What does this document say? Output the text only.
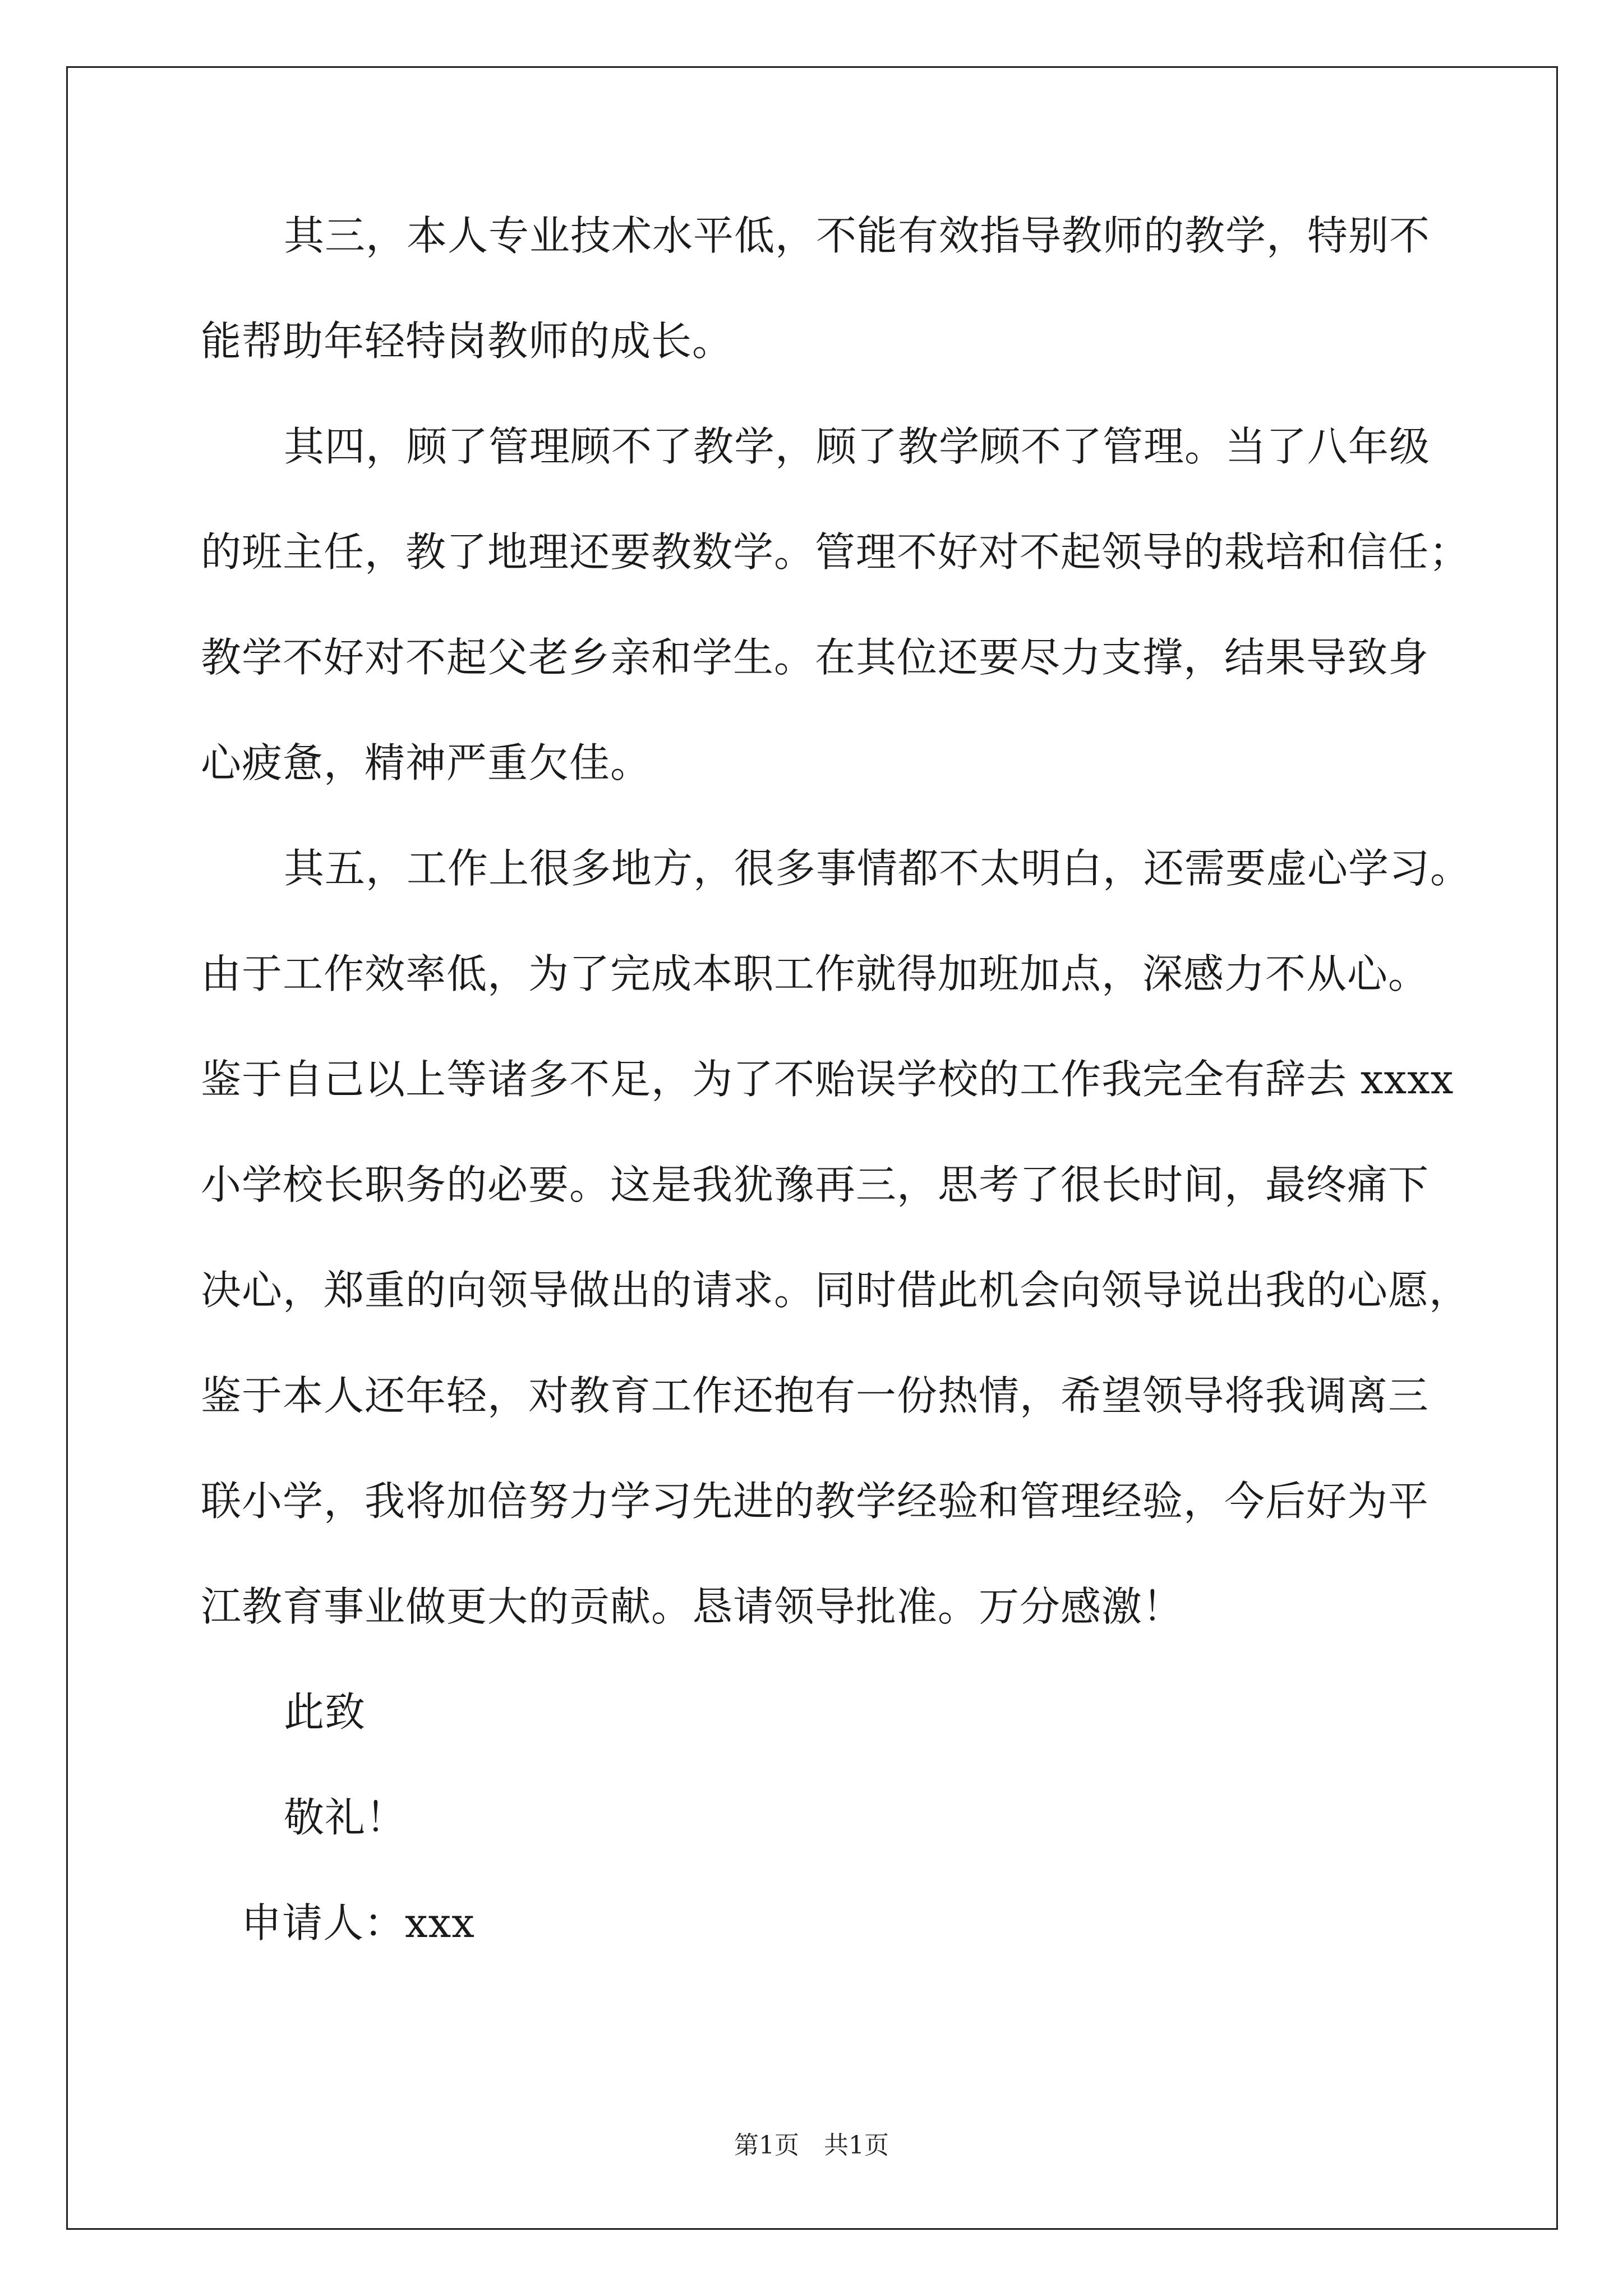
其三，本人专业技术水平低，不能有效指导教师的教学，特别不
能帮助年轻特岗教师的成长。
其四，顾了管理顾不了教学，顾了教学顾不了管理。当了八年级
的班主任，教了地理还要教数学。管理不好对不起领导的栽培和信任；
教学不好对不起父老乡亲和学生。在其位还要尽力支撑，结果导致身
心疲惫，精神严重欠佳。
其五，工作上很多地方，很多事情都不太明白，还需要虚心学习。
由于工作效率低，为了完成本职工作就得加班加点，深感力不从心。
鉴于自己以上等诸多不足，为了不贻误学校的工作我完全有辞去 xxxx
小学校长职务的必要。这是我犹豫再三，思考了很长时间，最终痛下
决心，郑重的向领导做出的请求。同时借此机会向领导说出我的心愿，
鉴于本人还年轻，对教育工作还抱有一份热情，希望领导将我调离三
联小学，我将加倍努力学习先进的教学经验和管理经验，今后好为平
江教育事业做更大的贡献。恳请领导批准。万分感激！
此致
敬礼！
申请人：xxx
第1页　共1页
